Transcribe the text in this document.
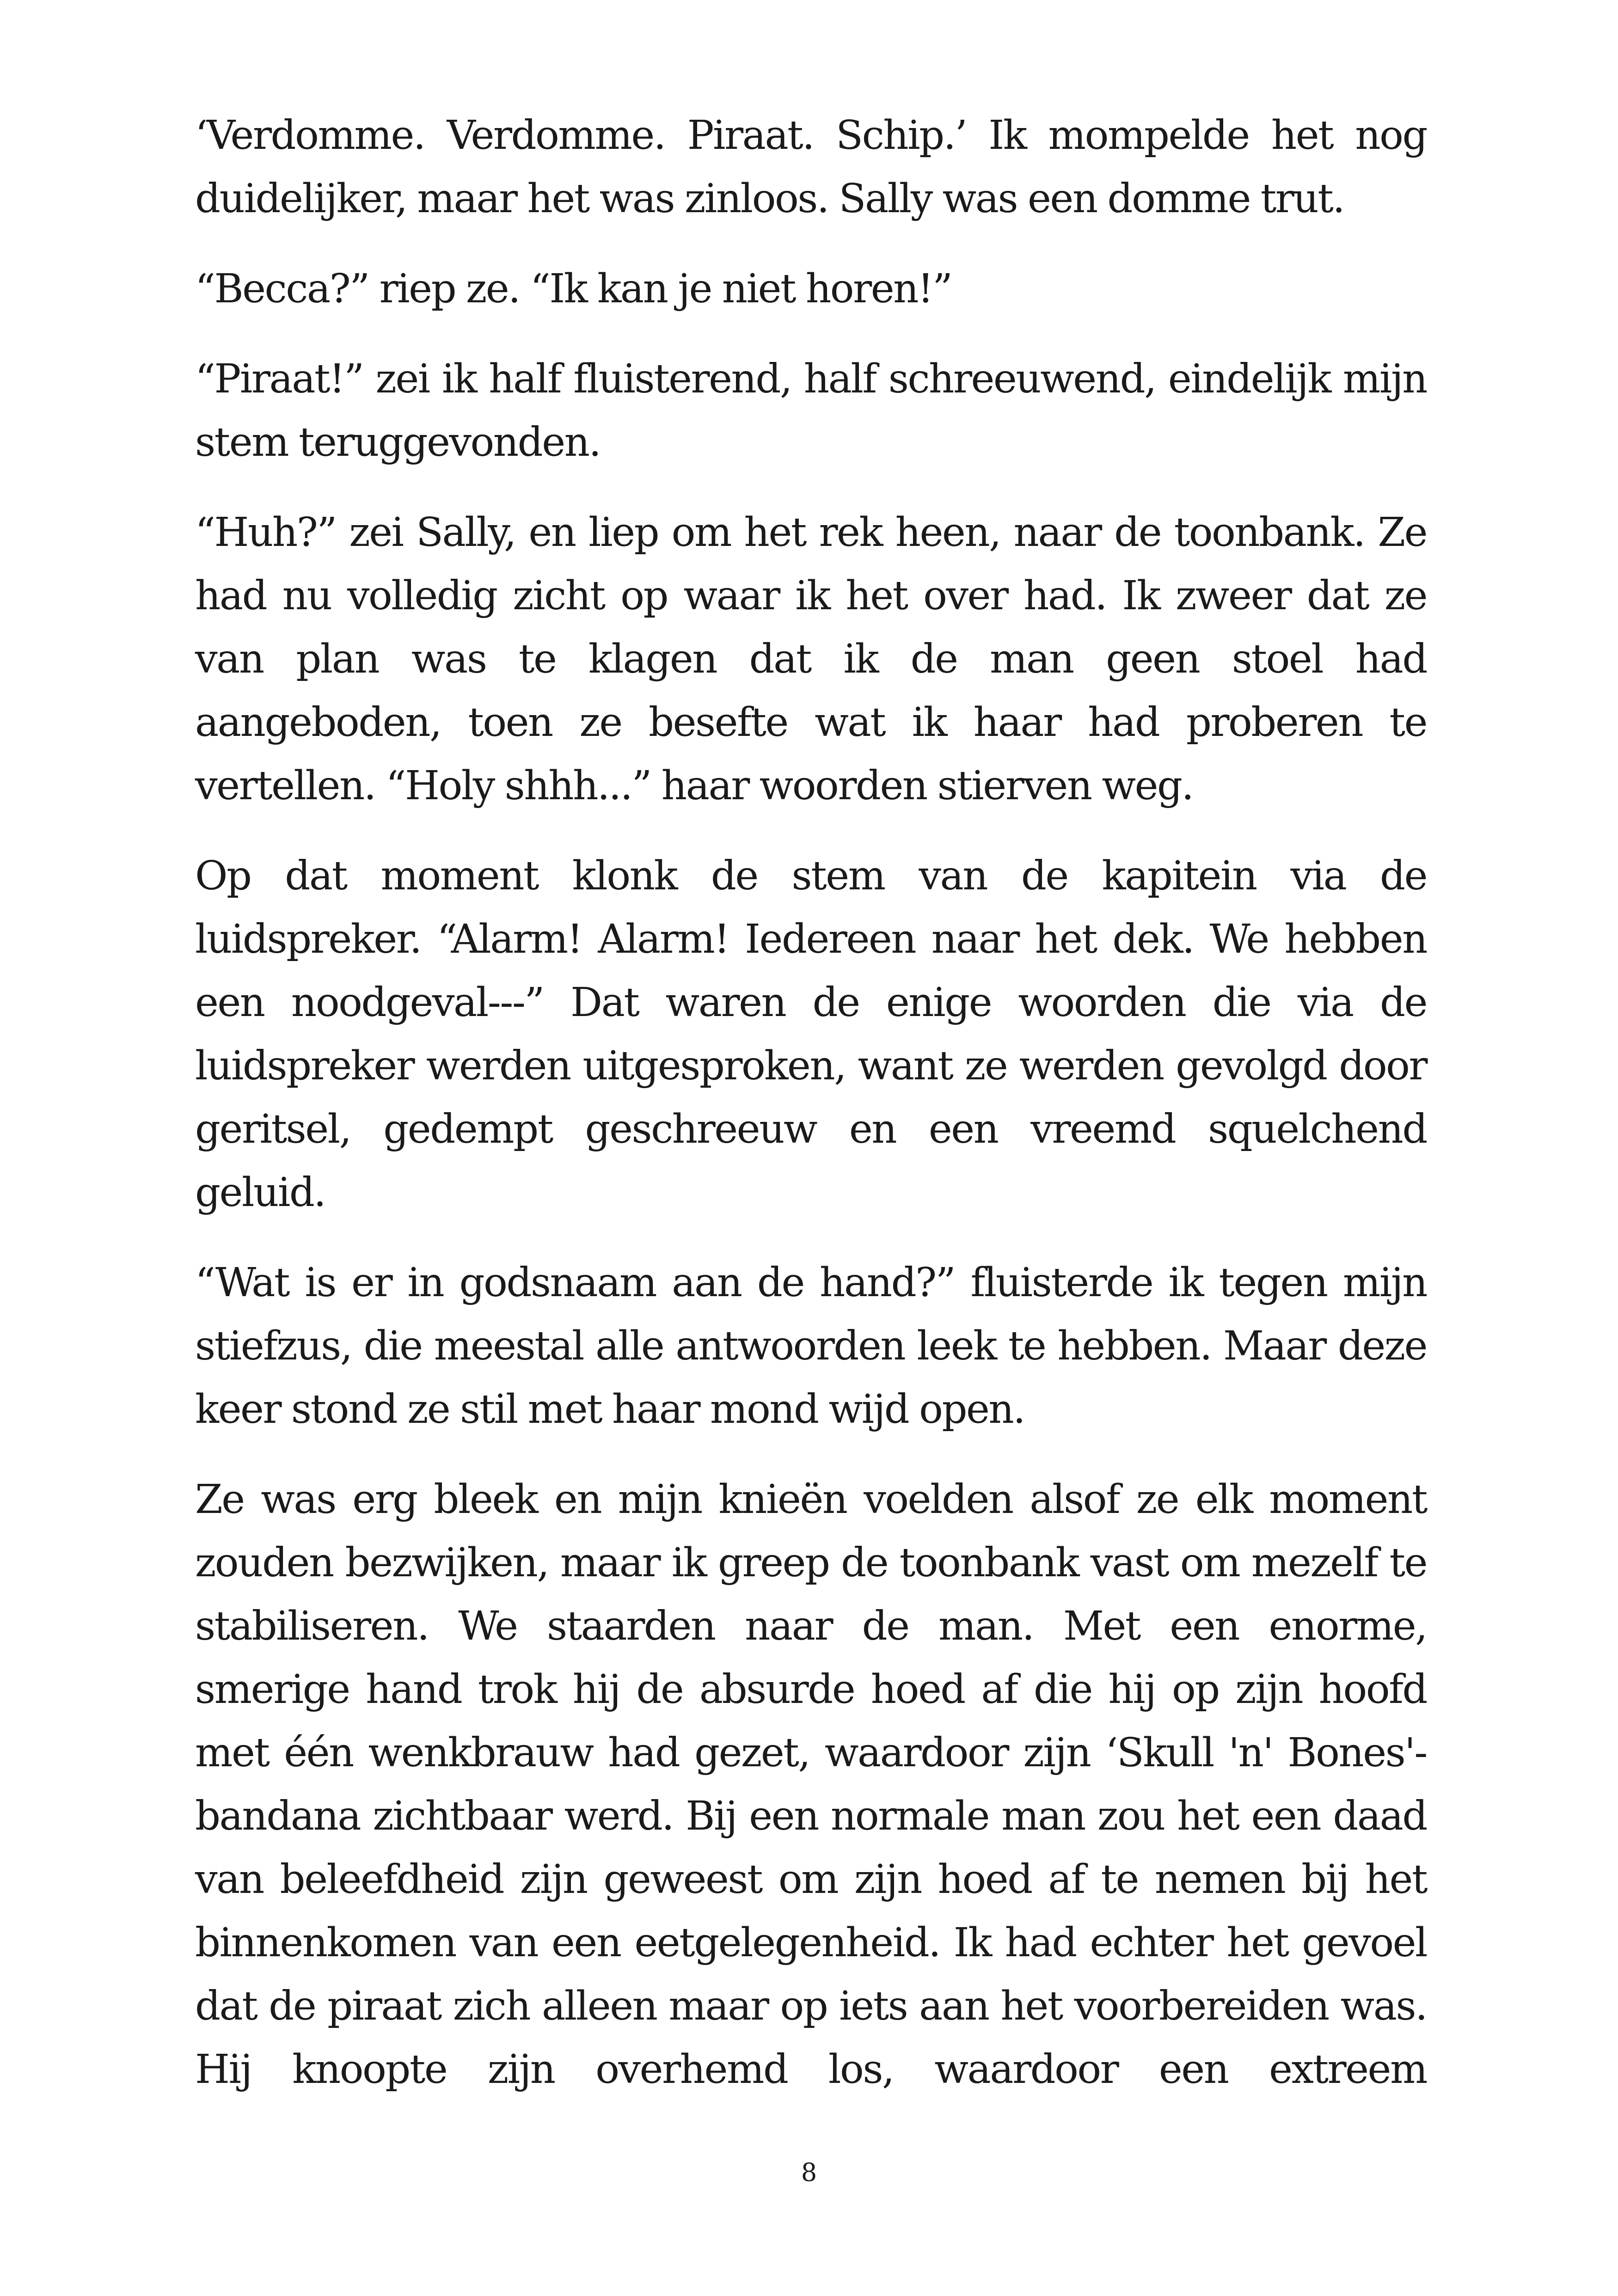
‘Verdomme. Verdomme. Piraat. Schip.’ Ik mompelde het nog duidelijker, maar het was zinloos. Sally was een domme trut.

“Becca?” riep ze. “Ik kan je niet horen!”

“Piraat!” zei ik half fluisterend, half schreeuwend, eindelijk mijn stem teruggevonden.

“Huh?” zei Sally, en liep om het rek heen, naar de toonbank. Ze had nu volledig zicht op waar ik het over had. Ik zweer dat ze van plan was te klagen dat ik de man geen stoel had aangeboden, toen ze besefte wat ik haar had proberen te vertellen. “Holy shhh...” haar woorden stierven weg.

Op dat moment klonk de stem van de kapitein via de luidspreker. “Alarm! Alarm! Iedereen naar het dek. We hebben een noodgeval---” Dat waren de enige woorden die via de luidspreker werden uitgesproken, want ze werden gevolgd door geritsel, gedempt geschreeuw en een vreemd squelchend geluid.

“Wat is er in godsnaam aan de hand?” fluisterde ik tegen mijn stiefzus, die meestal alle antwoorden leek te hebben. Maar deze keer stond ze stil met haar mond wijd open.

Ze was erg bleek en mijn knieën voelden alsof ze elk moment zouden bezwijken, maar ik greep de toonbank vast om mezelf te stabiliseren. We staarden naar de man. Met een enorme, smerige hand trok hij de absurde hoed af die hij op zijn hoofd met één wenkbrauw had gezet, waardoor zijn ‘Skull 'n' Bones'-bandana zichtbaar werd. Bij een normale man zou het een daad van beleefdheid zijn geweest om zijn hoed af te nemen bij het binnenkomen van een eetgelegenheid. Ik had echter het gevoel dat de piraat zich alleen maar op iets aan het voorbereiden was. Hij knoopte zijn overhemd los, waardoor een extreem

8
